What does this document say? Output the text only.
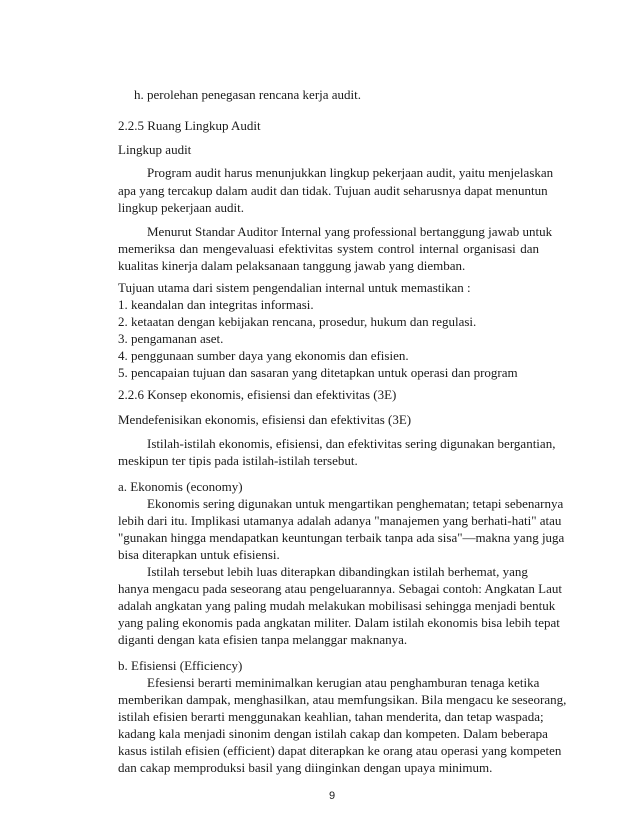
h. perolehan penegasan rencana kerja audit.
2.2.5 Ruang Lingkup Audit
Lingkup audit
Program audit harus menunjukkan lingkup pekerjaan audit, yaitu menjelaskan
apa yang tercakup dalam audit dan tidak. Tujuan audit seharusnya dapat menuntun
lingkup pekerjaan audit.
Menurut Standar Auditor Internal yang professional bertanggung jawab untuk
memeriksa dan mengevaluasi efektivitas system control internal organisasi dan
kualitas kinerja dalam pelaksanaan tanggung jawab yang diemban.
Tujuan utama dari sistem pengendalian internal untuk memastikan :
1. keandalan dan integritas informasi.
2. ketaatan dengan kebijakan rencana, prosedur, hukum dan regulasi.
3. pengamanan aset.
4. penggunaan sumber daya yang ekonomis dan efisien.
5. pencapaian tujuan dan sasaran yang ditetapkan untuk operasi dan program
2.2.6 Konsep ekonomis, efisiensi dan efektivitas (3E)
Mendefenisikan ekonomis, efisiensi dan efektivitas (3E)
Istilah-istilah ekonomis, efisiensi, dan efektivitas sering digunakan bergantian,
meskipun ter tipis pada istilah-istilah tersebut.
a. Ekonomis (economy)
Ekonomis sering digunakan untuk mengartikan penghematan; tetapi sebenarnya
lebih dari itu. Implikasi utamanya adalah adanya "manajemen yang berhati-hati" atau
"gunakan hingga mendapatkan keuntungan terbaik tanpa ada sisa"—makna yang juga
bisa diterapkan untuk efisiensi.
Istilah tersebut lebih luas diterapkan dibandingkan istilah berhemat, yang
hanya mengacu pada seseorang atau pengeluarannya. Sebagai contoh: Angkatan Laut
adalah angkatan yang paling mudah melakukan mobilisasi sehingga menjadi bentuk
yang paling ekonomis pada angkatan militer. Dalam istilah ekonomis bisa lebih tepat
diganti dengan kata efisien tanpa melanggar maknanya.
b. Efisiensi (Efficiency)
Efesiensi berarti meminimalkan kerugian atau penghamburan tenaga ketika
memberikan dampak, menghasilkan, atau memfungsikan. Bila mengacu ke seseorang,
istilah efisien berarti menggunakan keahlian, tahan menderita, dan tetap waspada;
kadang kala menjadi sinonim dengan istilah cakap dan kompeten. Dalam beberapa
kasus istilah efisien (efficient) dapat diterapkan ke orang atau operasi yang kompeten
dan cakap memproduksi basil yang diinginkan dengan upaya minimum.
9
